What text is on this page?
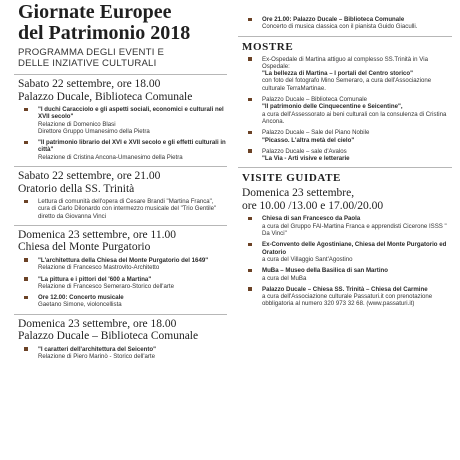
Giornate Europee
del Patrimonio 2018
PROGRAMMA DEGLI EVENTI E
DELLE INZIATIVE CULTURALI
Sabato 22 settembre, ore 18.00
Palazzo Ducale, Biblioteca Comunale
"I duchi Caracciolo e gli aspetti sociali, economici e culturali nel XVII secolo"
Relazione di Domenico Blasi
Direttore Gruppo Umanesimo della Pietra
"Il patrimonio librario del XVI e XVII secolo e gli effetti culturali in città"
Relazione di Cristina Ancona-Umanesimo della Pietra
Sabato 22 settembre, ore 21.00
Oratorio della SS. Trinità
Lettura di comunità dell'opera di Cesare Brandi "Martina Franca", cura di Carlo Dilonardo con intermezzo musicale del "Trio Gentile" diretto da Giovanna Vinci
Domenica 23 settembre, ore 11.00
Chiesa del Monte Purgatorio
"L'architettura della Chiesa del Monte Purgatorio del 1649"
Relazione di Francesco Mastrovito-Architetto
"La pittura e i pittori del '600 a Martina"
Relazione di Francesco Semeraro-Storico dell'arte
Ore 12.00: Concerto musicale
Gaetano Simone, violoncellista
Domenica 23 settembre, ore 18.00
Palazzo Ducale – Biblioteca Comunale
"I caratteri dell'architettura del Seicento"
Relazione di Piero Marinò - Storico dell'arte
Ore 21.00: Palazzo Ducale – Biblioteca Comunale
Concerto di musica classica con il pianista Guido Giaculli.
MOSTRE
Ex-Ospedale di Martina attiguo al complesso SS.Trinità in Via Ospedale:
"La bellezza di Martina – I portali del Centro storico"
con foto del fotografo Mino Semeraro, a cura dell'Associazione culturale TerraMartinae.
Palazzo Ducale – Biblioteca Comunale
"Il patrimonio delle Cinquecentine e Seicentine",
a cura dell'Assessorato ai beni culturali con la consulenza di Cristina Ancona.
Palazzo Ducale – Sale del Piano Nobile
"Picasso. L'altra metà del cielo"
Palazzo Ducale – sale d'Avalos
"La Via - Arti visive e letterarie
VISITE GUIDATE
Domenica 23 settembre,
ore 10.00 /13.00 e 17.00/20.00
Chiesa di san Francesco da Paola
a cura del Gruppo FAI-Martina Franca e apprendisti Cicerone ISSS " Da Vinci"
Ex-Convento delle Agostiniane, Chiesa del Monte Purgatorio ed Oratorio
a cura del Villaggio Sant'Agostino
MuBa – Museo della Basilica di san Martino
a cura del MuBa
Palazzo Ducale – Chiesa SS. Trinità – Chiesa del Carmine
a cura dell'Associazione culturale Passaturi.it con prenotazione obbligatoria al numero 320 973 32 68. (www.passaturi.it)
